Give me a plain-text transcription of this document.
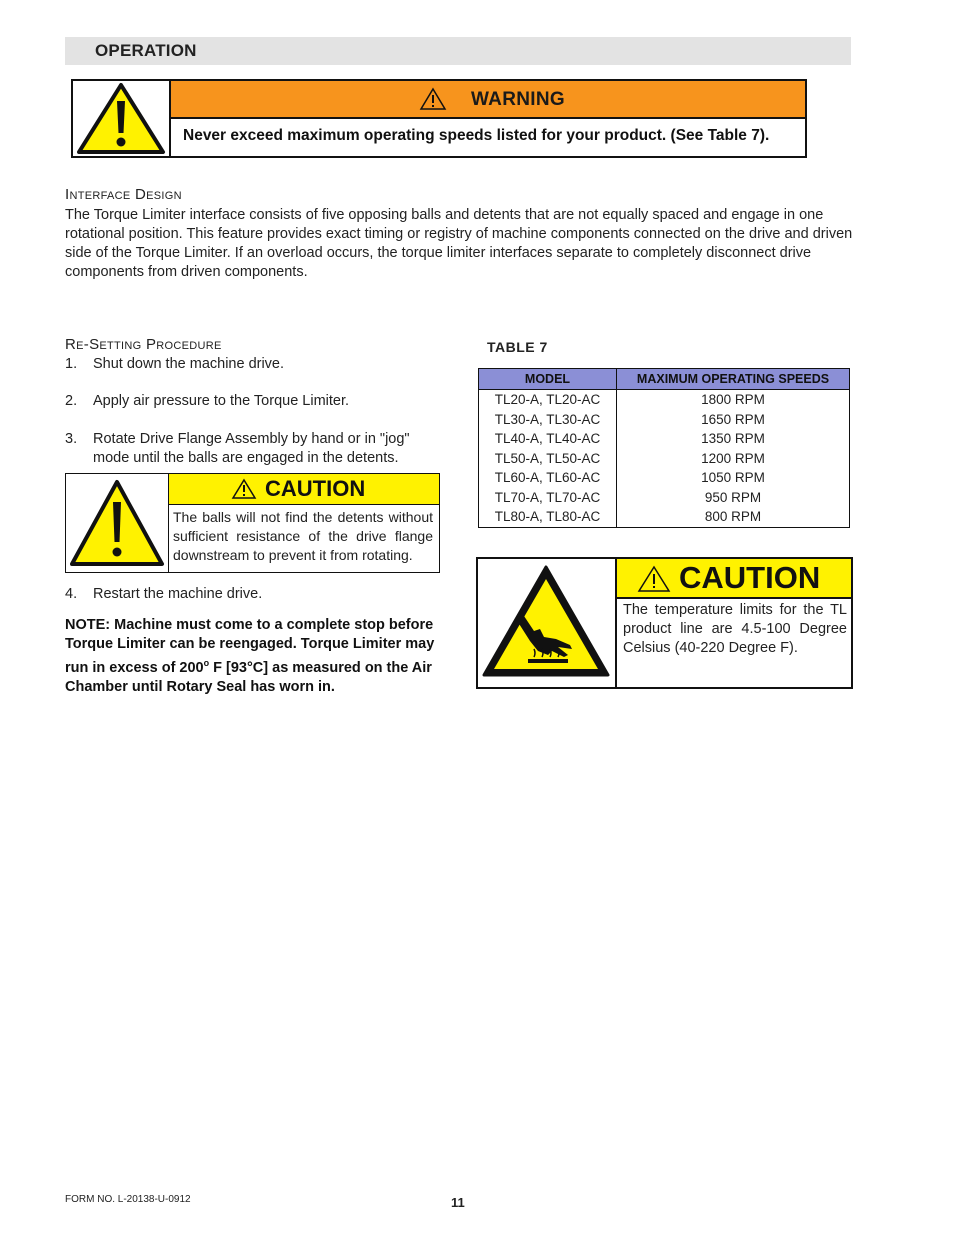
OPERATION
WARNING
Never exceed maximum operating speeds listed for your product. (See Table 7).
Interface Design
The Torque Limiter interface consists of five opposing balls and detents that are not equally spaced and engage in one rotational position. This feature provides exact timing or registry of machine components connected on the drive and driven side of the Torque Limiter. If an overload occurs, the torque limiter interfaces separate to completely disconnect drive components from driven components.
Re-Setting Procedure
1. Shut down the machine drive.
2. Apply air pressure to the Torque Limiter.
3. Rotate Drive Flange Assembly by hand or in "jog"
mode until the balls are engaged in the detents.
CAUTION
The balls will not find the detents without sufficient resistance of the drive flange downstream to prevent it from rotating.
4. Restart the machine drive.
NOTE: Machine must come to a complete stop before Torque Limiter can be reengaged. Torque Limiter may run in excess of 200$^o$ F [93°C] as measured on the Air Chamber until Rotary Seal has worn in.
TABLE 7
MODEL	MAXIMUM OPERATING SPEEDS
TL20-A, TL20-AC	1800 RPM
TL30-A, TL30-AC	1650 RPM
TL40-A, TL40-AC	1350 RPM
TL50-A, TL50-AC	1200 RPM
TL60-A, TL60-AC	1050 RPM
TL70-A, TL70-AC	950 RPM
TL80-A, TL80-AC	800 RPM
CAUTION
The temperature limits for the TL product line are 4.5-100 Degree Celsius (40-220 Degree F).
FORM NO. L-20138-U-0912	11
